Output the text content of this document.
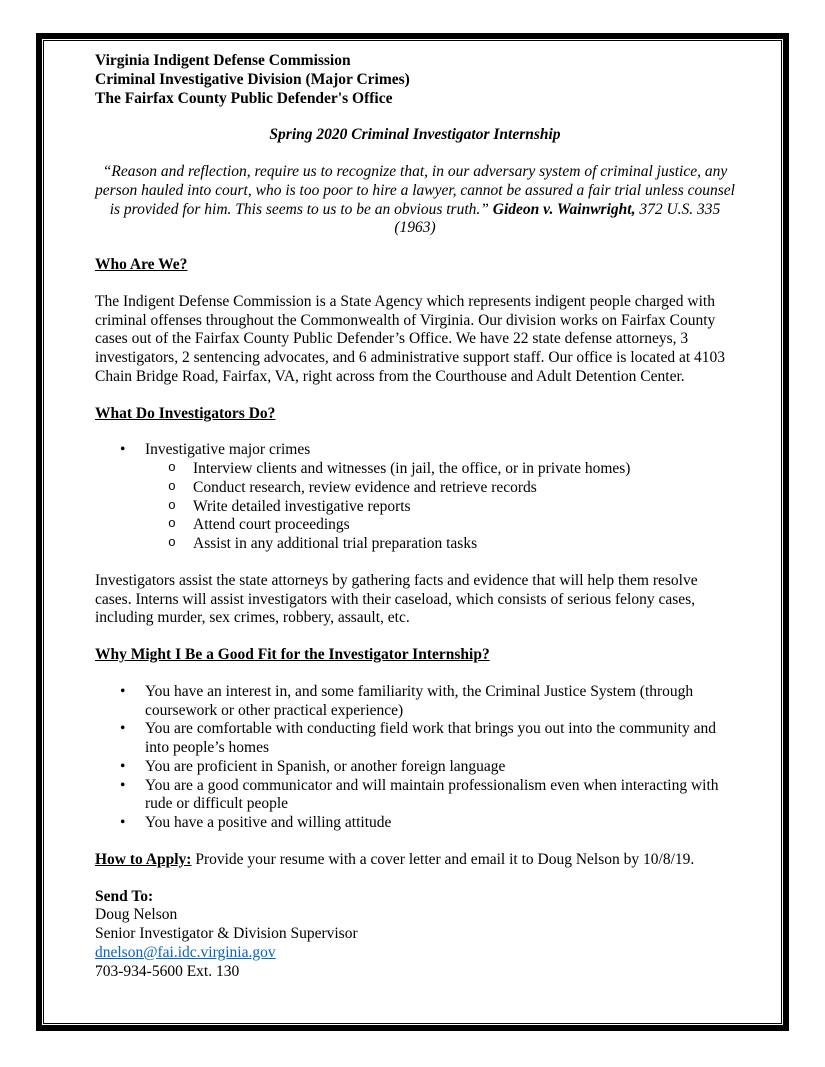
Virginia Indigent Defense Commission
Criminal Investigative Division (Major Crimes)
The Fairfax County Public Defender's Office
Spring 2020 Criminal Investigator Internship
“Reason and reflection, require us to recognize that, in our adversary system of criminal justice, any person hauled into court, who is too poor to hire a lawyer, cannot be assured a fair trial unless counsel is provided for him. This seems to us to be an obvious truth.” Gideon v. Wainwright, 372 U.S. 335 (1963)
Who Are We?
The Indigent Defense Commission is a State Agency which represents indigent people charged with criminal offenses throughout the Commonwealth of Virginia. Our division works on Fairfax County cases out of the Fairfax County Public Defender’s Office. We have 22 state defense attorneys, 3 investigators, 2 sentencing advocates, and 6 administrative support staff. Our office is located at 4103 Chain Bridge Road, Fairfax, VA, right across from the Courthouse and Adult Detention Center.
What Do Investigators Do?
• Investigative major crimes
o Interview clients and witnesses (in jail, the office, or in private homes)
o Conduct research, review evidence and retrieve records
o Write detailed investigative reports
o Attend court proceedings
o Assist in any additional trial preparation tasks
Investigators assist the state attorneys by gathering facts and evidence that will help them resolve cases. Interns will assist investigators with their caseload, which consists of serious felony cases, including murder, sex crimes, robbery, assault, etc.
Why Might I Be a Good Fit for the Investigator Internship?
• You have an interest in, and some familiarity with, the Criminal Justice System (through coursework or other practical experience)
• You are comfortable with conducting field work that brings you out into the community and into people’s homes
• You are proficient in Spanish, or another foreign language
• You are a good communicator and will maintain professionalism even when interacting with rude or difficult people
• You have a positive and willing attitude
How to Apply: Provide your resume with a cover letter and email it to Doug Nelson by 10/8/19.
Send To:
Doug Nelson
Senior Investigator & Division Supervisor
dnelson@fai.idc.virginia.gov
703-934-5600 Ext. 130
